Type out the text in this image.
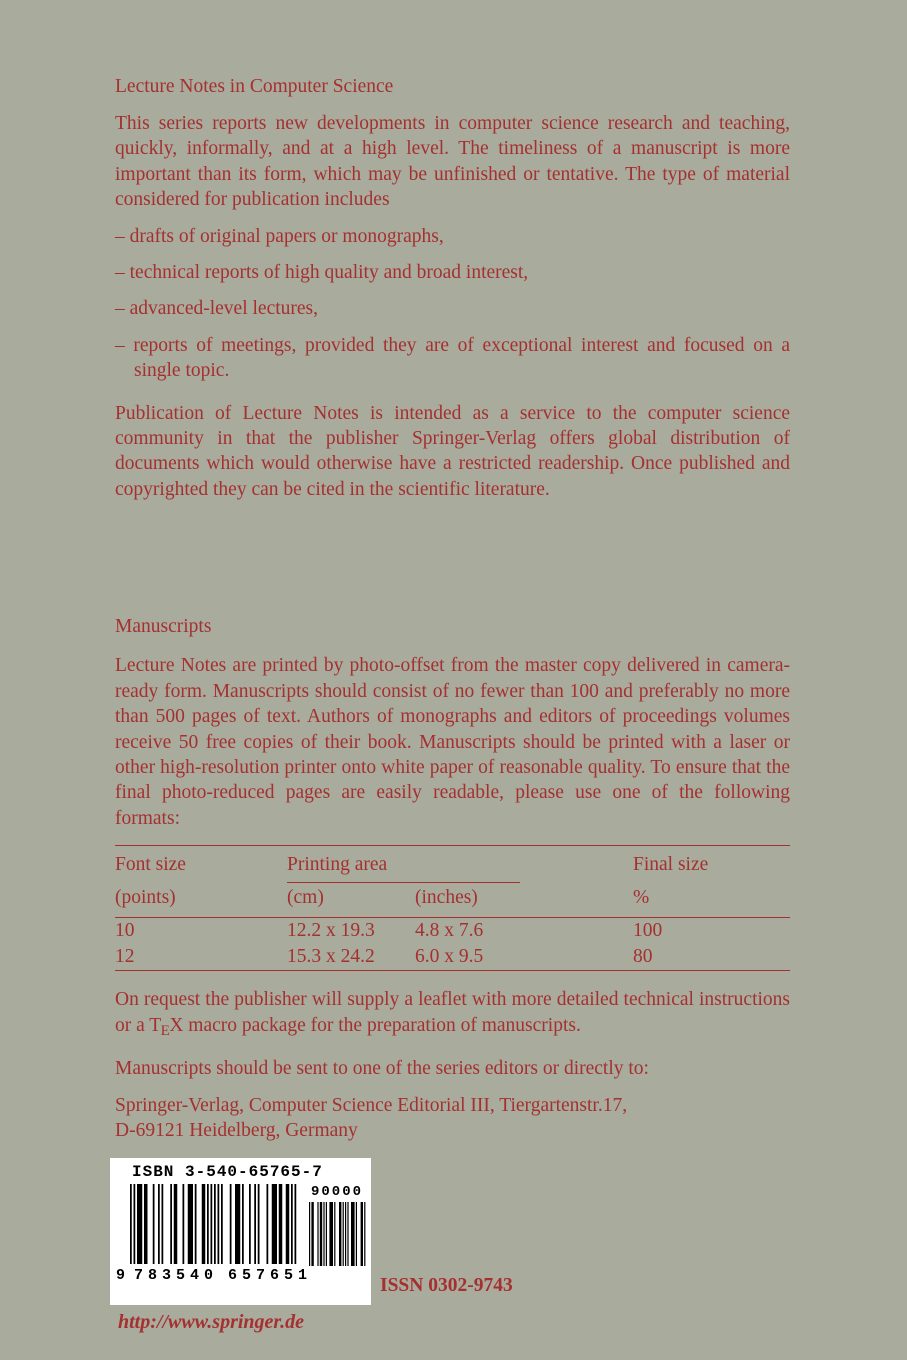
Lecture Notes in Computer Science

This series reports new developments in computer science research and teaching, quickly, informally, and at a high level. The timeliness of a manuscript is more important than its form, which may be unfinished or tentative. The type of material considered for publication includes

– drafts of original papers or monographs,
– technical reports of high quality and broad interest,
– advanced-level lectures,
– reports of meetings, provided they are of exceptional interest and focused on a single topic.

Publication of Lecture Notes is intended as a service to the computer science community in that the publisher Springer-Verlag offers global distribution of documents which would otherwise have a restricted readership. Once published and copyrighted they can be cited in the scientific literature.

Manuscripts

Lecture Notes are printed by photo-offset from the master copy delivered in camera-ready form. Manuscripts should consist of no fewer than 100 and preferably no more than 500 pages of text. Authors of monographs and editors of proceedings volumes receive 50 free copies of their book. Manuscripts should be printed with a laser or other high-resolution printer onto white paper of reasonable quality. To ensure that the final photo-reduced pages are easily readable, please use one of the following formats:

Font size	Printing area	Final size
(points)	(cm)	(inches)	%
10	12.2 x 19.3	4.8 x 7.6	100
12	15.3 x 24.2	6.0 x 9.5	80

On request the publisher will supply a leaflet with more detailed technical instructions or a $T_EX$ macro package for the preparation of manuscripts.

Manuscripts should be sent to one of the series editors or directly to:

Springer-Verlag, Computer Science Editorial III, Tiergartenstr.17,
D-69121 Heidelberg, Germany
ISBN 3-540-65765-7
90000
9 783540 657651	ISSN 0302-9743
http://www.springer.de
